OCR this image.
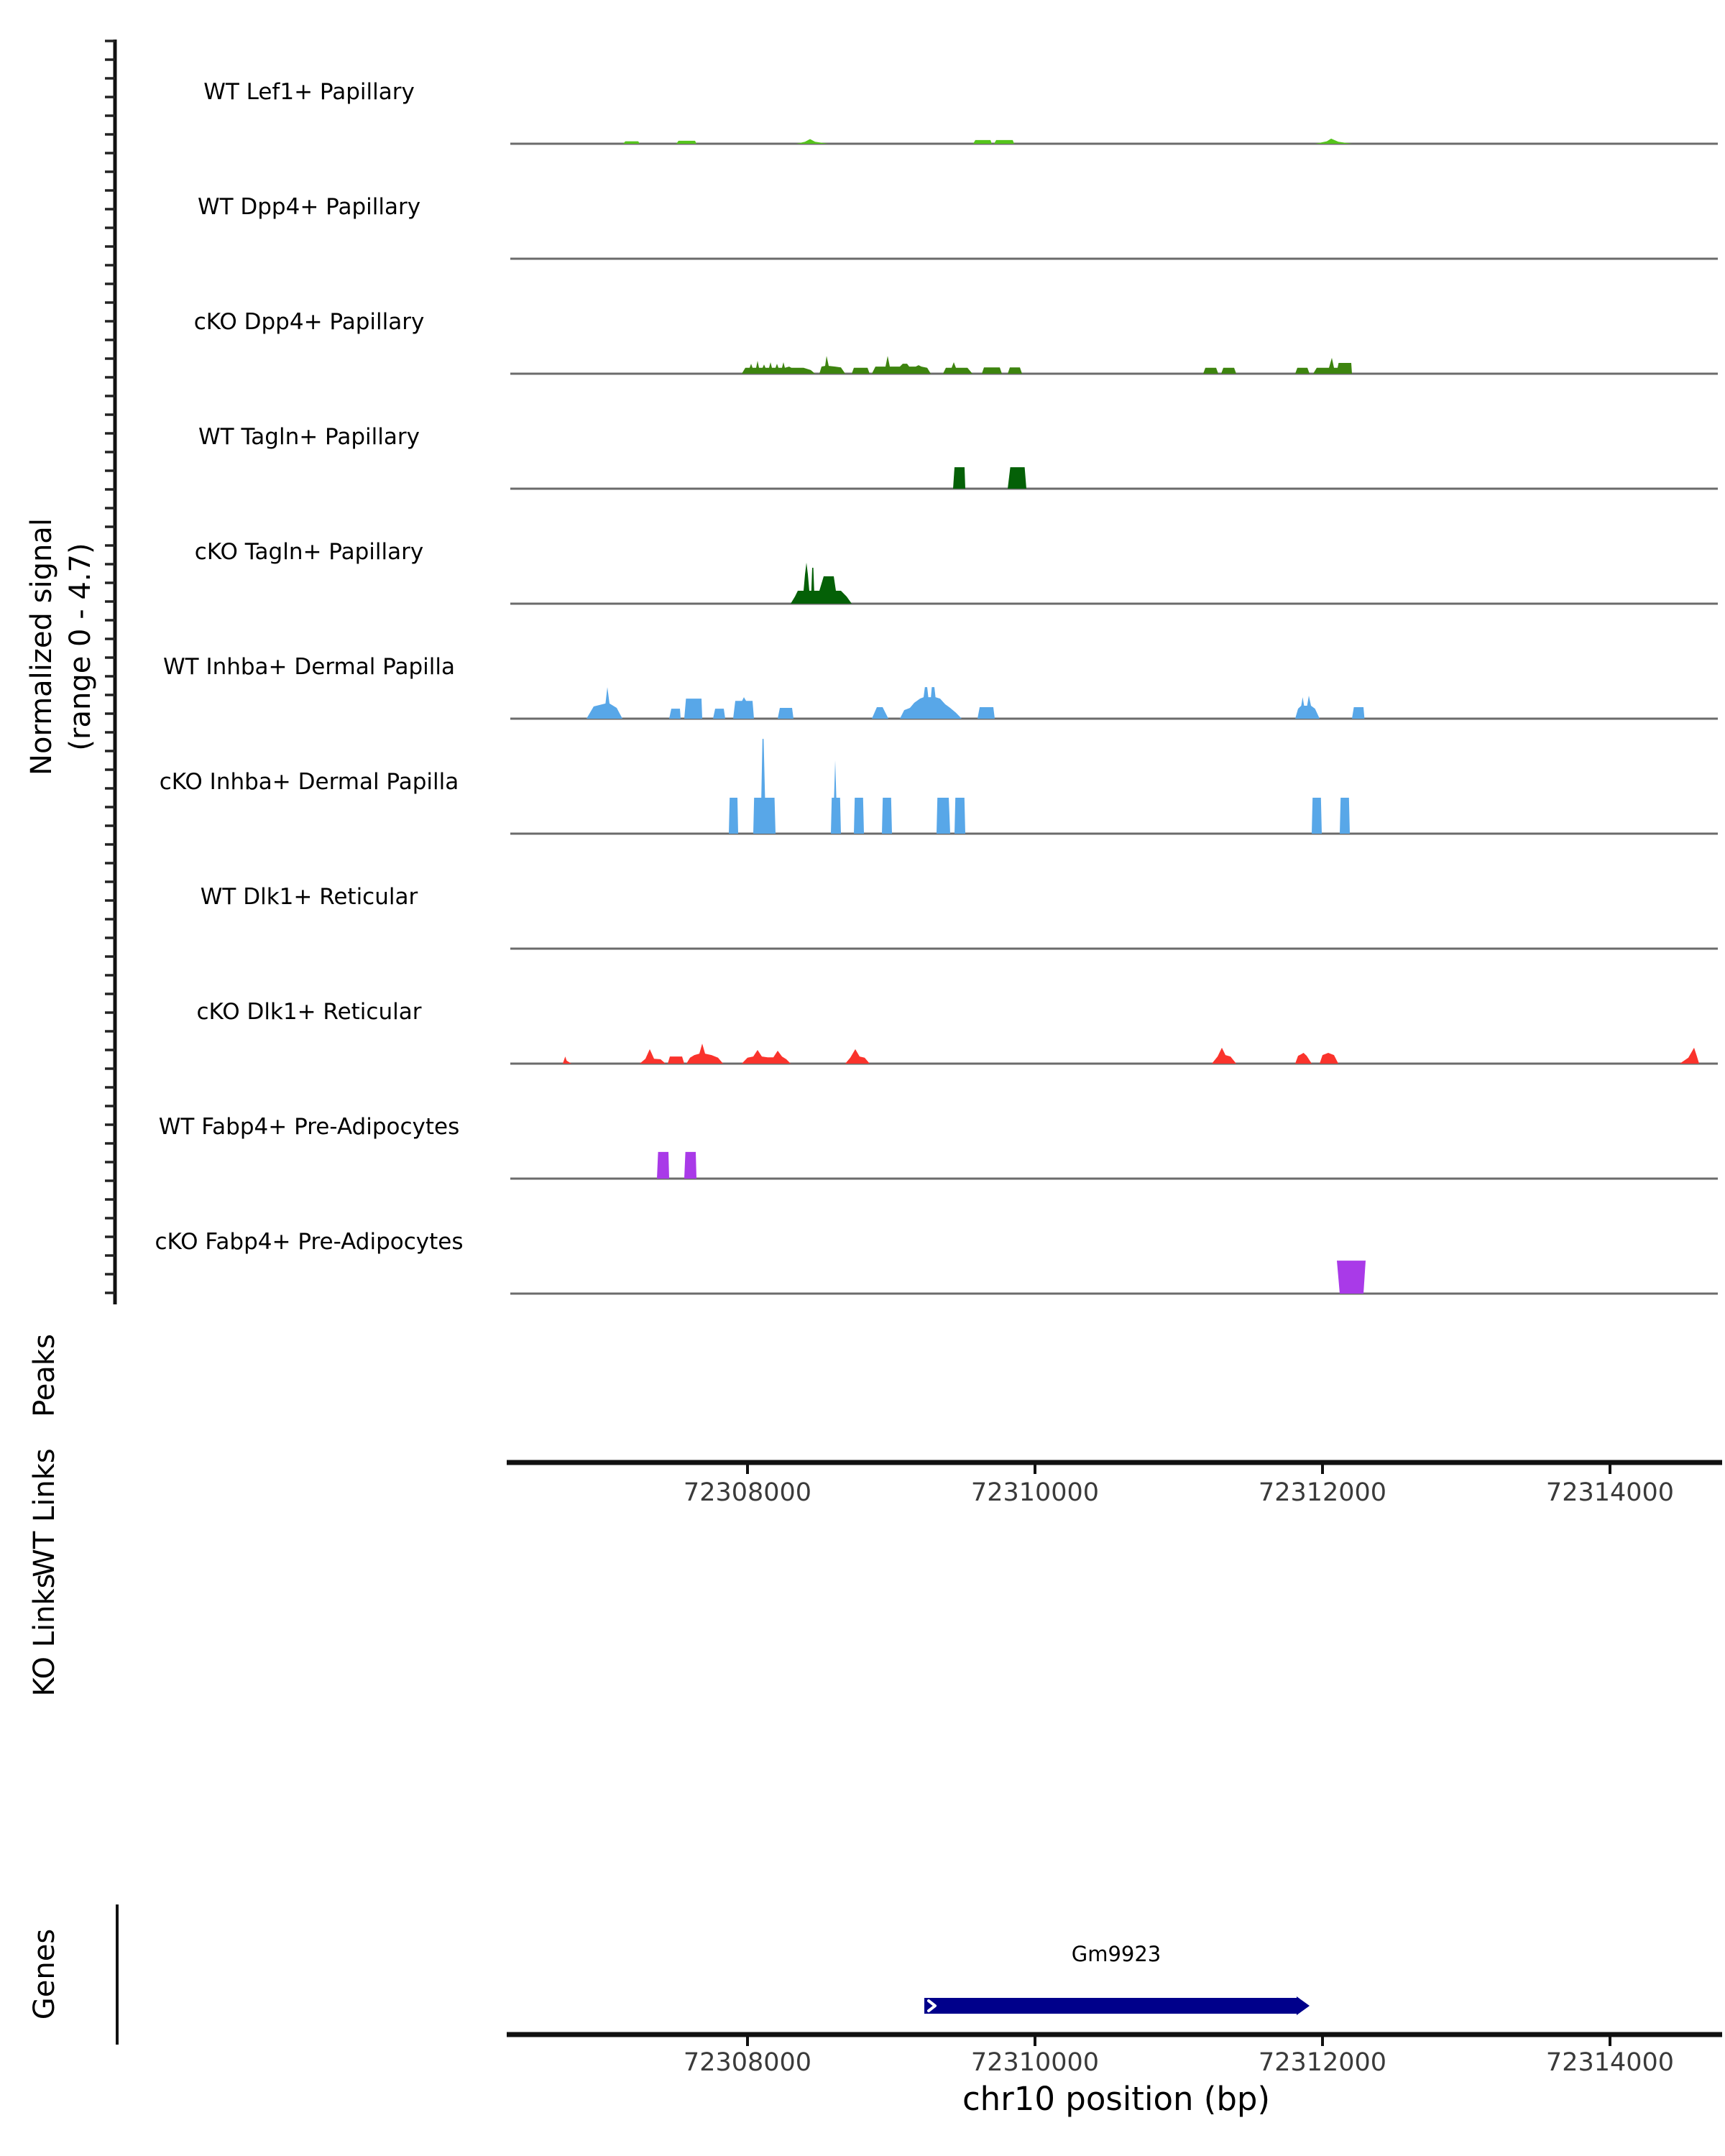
Normalized signal (range 0 - 4.7)
Peaks
WT Links
KO Links
Genes
WT Lef1+ Papillary
WT Dpp4+ Papillary
cKO Dpp4+ Papillary
WT Tagln+ Papillary
cKO Tagln+ Papillary
WT Inhba+ Dermal Papilla
cKO Inhba+ Dermal Papilla
WT Dlk1+ Reticular
cKO Dlk1+ Reticular
WT Fabp4+ Pre-Adipocytes
cKO Fabp4+ Pre-Adipocytes
72308000	72310000	72312000	72314000
72308000	72310000	72312000	72314000
Gm9923
chr10 position (bp)
